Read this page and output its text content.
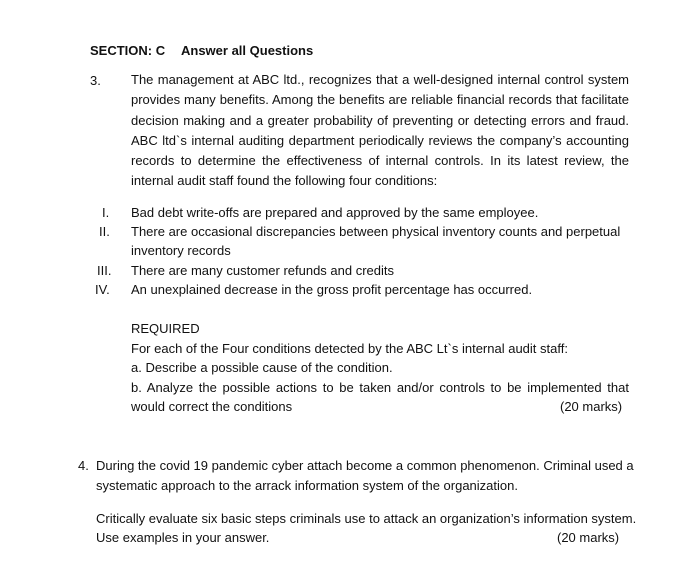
SECTION: C Answer all Questions
3. The management at ABC ltd., recognizes that a well-designed internal control system
provides many benefits. Among the benefits are reliable financial records that facilitate
decision making and a greater probability of preventing or detecting errors and fraud.
ABC ltd`s internal auditing department periodically reviews the company’s accounting
records to determine the effectiveness of internal controls. In its latest review, the
internal audit staff found the following four conditions:
I. Bad debt write-offs are prepared and approved by the same employee.
II. There are occasional discrepancies between physical inventory counts and perpetual
inventory records
III. There are many customer refunds and credits
IV. An unexplained decrease in the gross profit percentage has occurred.
REQUIRED
For each of the Four conditions detected by the ABC Lt`s internal audit staff:
a. Describe a possible cause of the condition.
b. Analyze the possible actions to be taken and/or controls to be implemented that
would correct the conditions	(20 marks)
4. During the covid 19 pandemic cyber attach become a common phenomenon. Criminal used a
systematic approach to the arrack information system of the organization.
Critically evaluate six basic steps criminals use to attack an organization’s information system.
Use examples in your answer.	(20 marks)
